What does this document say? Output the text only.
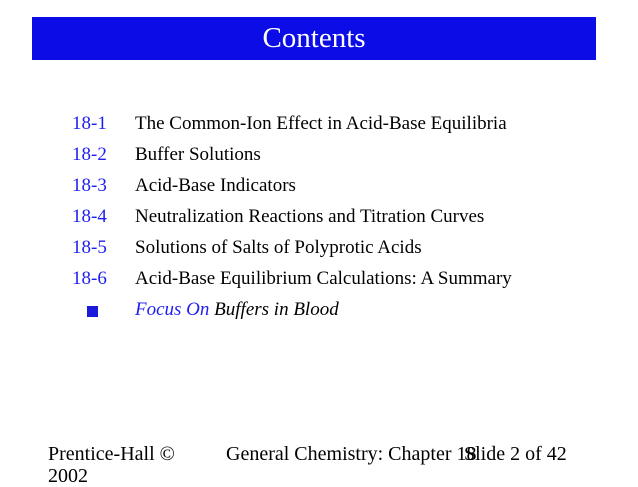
Contents
18-1 The Common-Ion Effect in Acid-Base Equilibria
18-2 Buffer Solutions
18-3 Acid-Base Indicators
18-4 Neutralization Reactions and Titration Curves
18-5 Solutions of Salts of Polyprotic Acids
18-6 Acid-Base Equilibrium Calculations: A Summary
Focus On Buffers in Blood
Prentice-Hall © 2002
General Chemistry: Chapter 18
Slide 2 of 42
